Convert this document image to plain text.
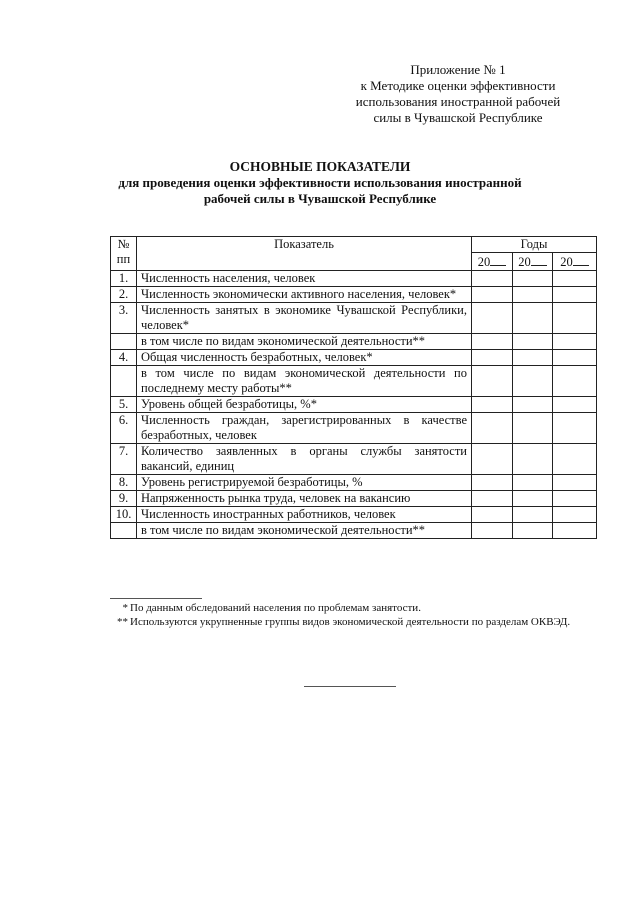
Приложение № 1
к Методике оценки эффективности
использования иностранной рабочей
силы в Чувашской Республике
ОСНОВНЫЕ ПОКАЗАТЕЛИ
для проведения оценки эффективности использования иностранной
рабочей силы в Чувашской Республике
№
пп	Показатель	Годы		
		20	20	20
1.	Численность населения, человек			
2.	Численность экономически активного населения, человек*			
3.	Численность занятых в экономике Чувашской Республики, человек*			
	в том числе по видам экономической деятельности**			
4.	Общая численность безработных, человек*			
	в том числе по видам экономической деятельности по последнему месту работы**			
5.	Уровень общей безработицы, %*			
6.	Численность граждан, зарегистрированных в качестве безработных, человек			
7.	Количество заявленных в органы службы занятости вакансий, единиц			
8.	Уровень регистрируемой безработицы, %			
9.	Напряженность рынка труда, человек на вакансию			
10.	Численность иностранных работников, человек			
	в том числе по видам экономической деятельности**			
* По данным обследований населения по проблемам занятости.
** Используются укрупненные группы видов экономической деятельности по разделам ОКВЭД.
